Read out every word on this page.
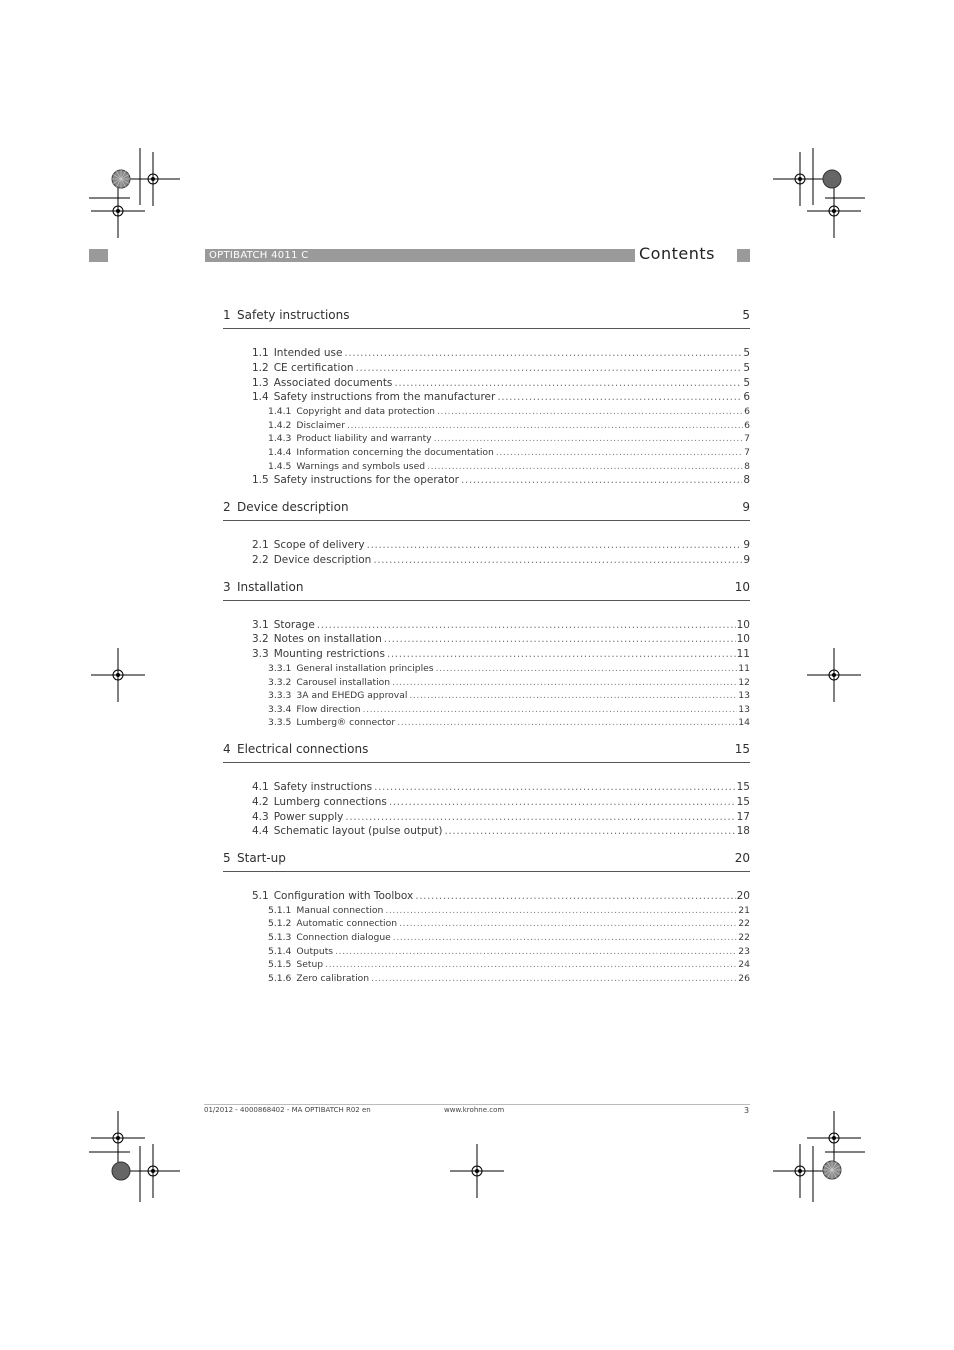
OPTIBATCH 4011 C	Contents
1 Safety instructions	5
1.1 Intended use .....	5
1.2 CE certification .....	5
1.3 Associated documents .....	5
1.4 Safety instructions from the manufacturer .....	6
1.4.1 Copyright and data protection .....	6
1.4.2 Disclaimer .....	6
1.4.3 Product liability and warranty .....	7
1.4.4 Information concerning the documentation .....	7
1.4.5 Warnings and symbols used .....	8
1.5 Safety instructions for the operator .....	8
2 Device description	9
2.1 Scope of delivery .....	9
2.2 Device description .....	9
3 Installation	10
3.1 Storage .....	10
3.2 Notes on installation .....	10
3.3 Mounting restrictions .....	11
3.3.1 General installation principles .....	11
3.3.2 Carousel installation .....	12
3.3.3 3A and EHEDG approval .....	13
3.3.4 Flow direction .....	13
3.3.5 Lumberg® connector .....	14
4 Electrical connections	15
4.1 Safety instructions .....	15
4.2 Lumberg connections .....	15
4.3 Power supply .....	17
4.4 Schematic layout (pulse output) .....	18
5 Start-up	20
5.1 Configuration with Toolbox .....	20
5.1.1 Manual connection .....	21
5.1.2 Automatic connection .....	22
5.1.3 Connection dialogue .....	22
5.1.4 Outputs .....	23
5.1.5 Setup .....	24
5.1.6 Zero calibration .....	26
01/2012 - 4000868402 - MA OPTIBATCH R02 en	www.krohne.com	3
